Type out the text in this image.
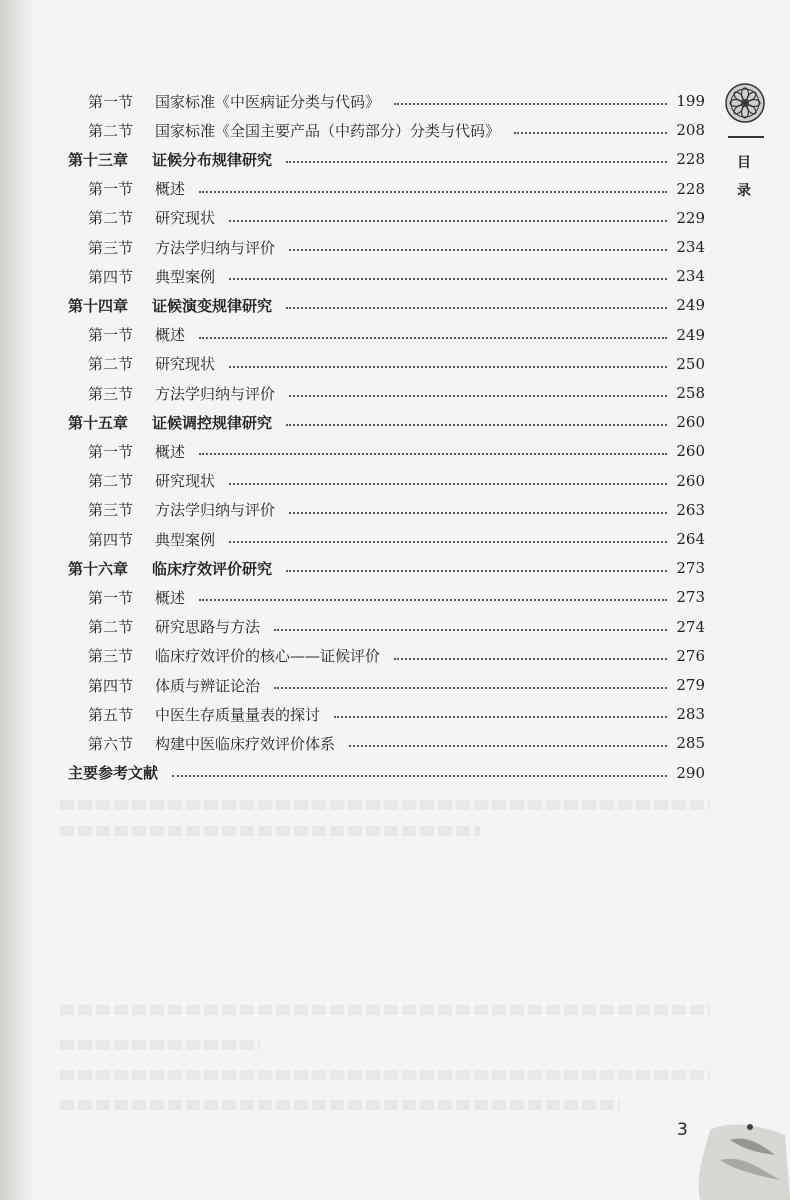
第一节 国家标准《中医病证分类与代码》	199
第二节 国家标准《全国主要产品（中药部分）分类与代码》	208
第十三章 证候分布规律研究	228
第一节 概述	228
第二节 研究现状	229
第三节 方法学归纳与评价	234
第四节 典型案例	234
第十四章 证候演变规律研究	249
第一节 概述	249
第二节 研究现状	250
第三节 方法学归纳与评价	258
第十五章 证候调控规律研究	260
第一节 概述	260
第二节 研究现状	260
第三节 方法学归纳与评价	263
第四节 典型案例	264
第十六章 临床疗效评价研究	273
第一节 概述	273
第二节 研究思路与方法	274
第三节 临床疗效评价的核心——证候评价	276
第四节 体质与辨证论治	279
第五节 中医生存质量量表的探讨	283
第六节 构建中医临床疗效评价体系	285
主要参考文献	290
目
录
3
